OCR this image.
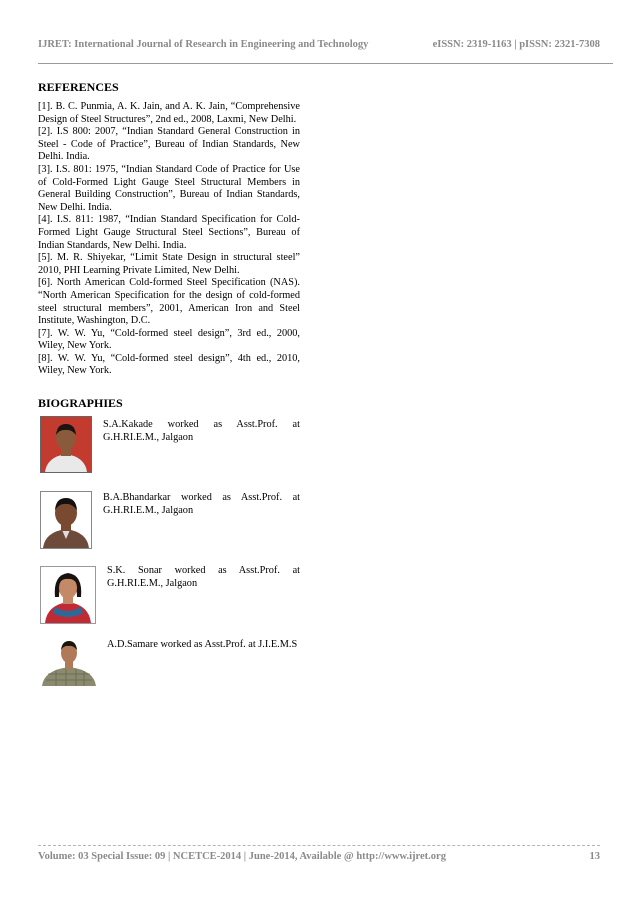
IJRET: International Journal of Research in Engineering and Technology	eISSN: 2319-1163 | pISSN: 2321-7308
REFERENCES

[1]. B. C. Punmia, A. K. Jain, and A. K. Jain, “Comprehensive Design of Steel Structures”, 2nd ed., 2008, Laxmi, New Delhi.

[2]. I.S 800: 2007, “Indian Standard General Construction in Steel - Code of Practice”, Bureau of Indian Standards, New Delhi. India.

[3]. I.S. 801: 1975, “Indian Standard Code of Practice for Use of Cold-Formed Light Gauge Steel Structural Members in General Building Construction”, Bureau of Indian Standards, New Delhi. India.

[4]. I.S. 811: 1987, “Indian Standard Specification for Cold-Formed Light Gauge Structural Steel Sections”, Bureau of Indian Standards, New Delhi. India.

[5]. M. R. Shiyekar, “Limit State Design in structural steel” 2010, PHI Learning Private Limited, New Delhi.

[6]. North American Cold-formed Steel Specification (NAS). “North American Specification for the design of cold-formed steel structural members”, 2001, American Iron and Steel Institute, Washington, D.C.

[7]. W. W. Yu, “Cold-formed steel design”, 3rd ed., 2000, Wiley, New York.

[8]. W. W. Yu, “Cold-formed steel design”, 4th ed., 2010, Wiley, New York.

BIOGRAPHIES
S.A.Kakade worked as Asst.Prof. at G.H.RI.E.M., Jalgaon
B.A.Bhandarkar worked as Asst.Prof. at G.H.RI.E.M., Jalgaon
S.K. Sonar worked as Asst.Prof. at G.H.RI.E.M., Jalgaon
A.D.Samare worked as Asst.Prof. at J.I.E.M.S
Volume: 03 Special Issue: 09 | NCETCE-2014 | June-2014, Available @ http://www.ijret.org	13
